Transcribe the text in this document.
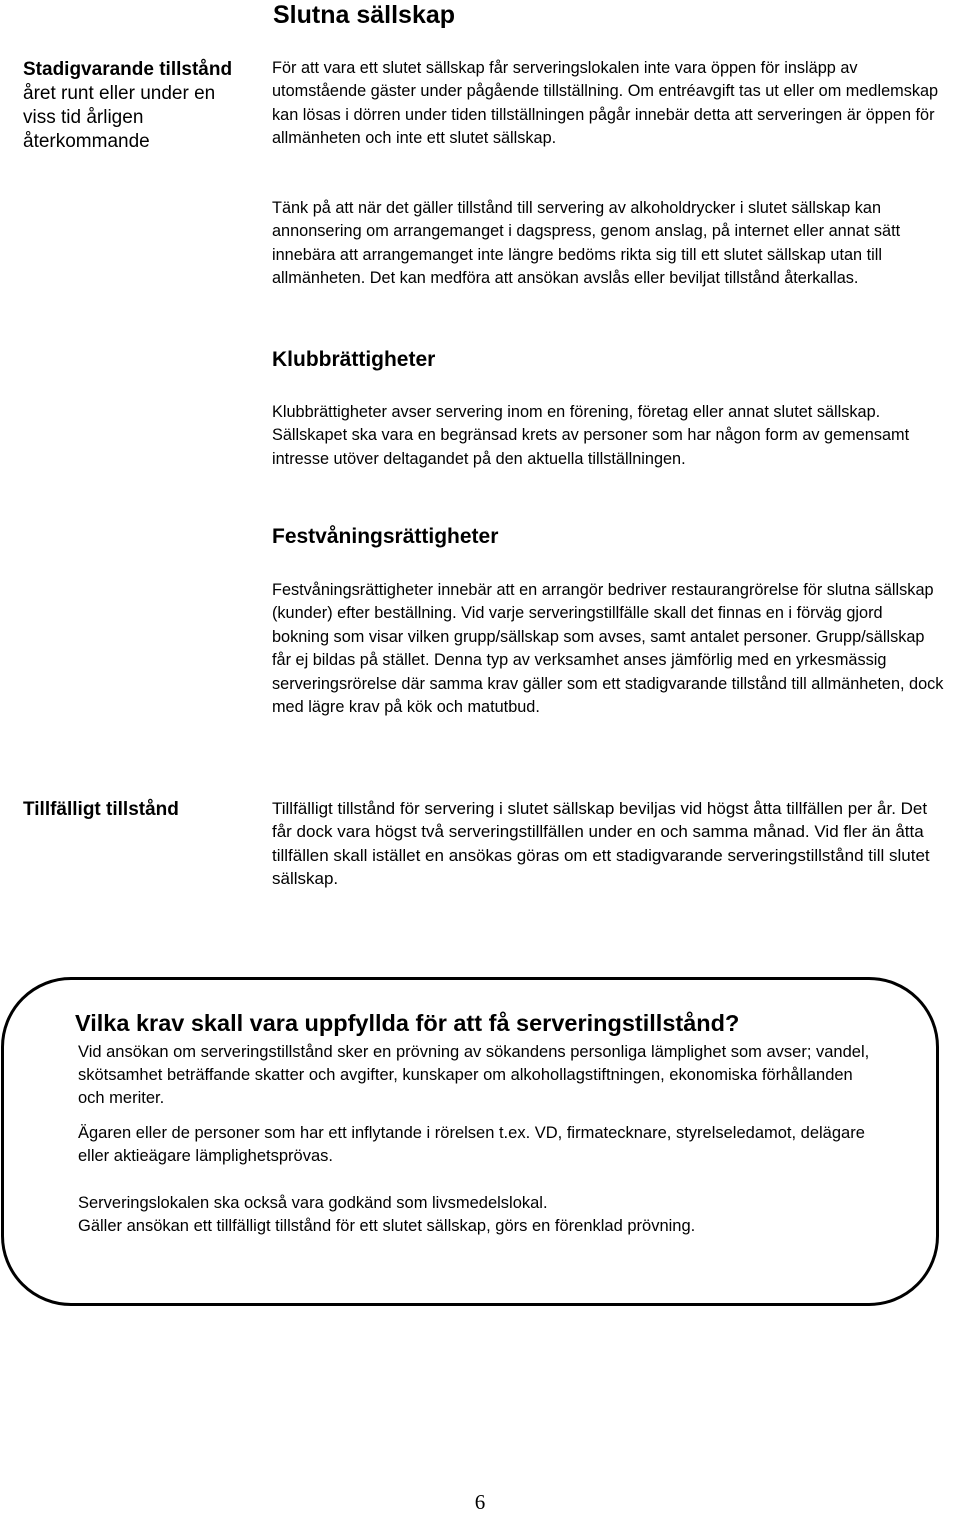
Slutna sällskap
Stadigvarande tillstånd
året runt eller under en viss tid årligen återkommande

För att vara ett slutet sällskap får serveringslokalen inte vara öppen för insläpp av utomstående gäster under pågående tillställning. Om entréavgift tas ut eller om medlemskap kan lösas i dörren under tiden tillställningen pågår innebär detta att serveringen är öppen för allmänheten och inte ett slutet sällskap.

Tänk på att när det gäller tillstånd till servering av alkoholdrycker i slutet sällskap kan annonsering om arrangemanget i dagspress, genom anslag, på internet eller annat sätt innebära att arrangemanget inte längre bedöms rikta sig till ett slutet sällskap utan till allmänheten. Det kan medföra att ansökan avslås eller beviljat tillstånd återkallas.

Klubbrättigheter

Klubbrättigheter avser servering inom en förening, företag eller annat slutet sällskap. Sällskapet ska vara en begränsad krets av personer som har någon form av gemensamt intresse utöver deltagandet på den aktuella tillställningen.

Festvåningsrättigheter

Festvåningsrättigheter innebär att en arrangör bedriver restaurangrörelse för slutna sällskap (kunder) efter beställning. Vid varje serveringstillfälle skall det finnas en i förväg gjord bokning som visar vilken grupp/sällskap som avses, samt antalet personer. Grupp/sällskap får ej bildas på stället. Denna typ av verksamhet anses jämförlig med en yrkesmässig serveringsrörelse där samma krav gäller som ett stadigvarande tillstånd till allmänheten, dock med lägre krav på kök och matutbud.

Tillfälligt tillstånd	Tillfälligt tillstånd för servering i slutet sällskap beviljas vid högst åtta tillfällen per år. Det får dock vara högst två serveringstillfällen under en och samma månad. Vid fler än åtta tillfällen skall istället en ansökas göras om ett stadigvarande serveringstillstånd till slutet sällskap.

Vilka krav skall vara uppfyllda för att få serveringstillstånd?

Vid ansökan om serveringstillstånd sker en prövning av sökandens personliga lämplighet som avser; vandel, skötsamhet beträffande skatter och avgifter, kunskaper om alkohollagstiftningen, ekonomiska förhållanden och meriter.

Ägaren eller de personer som har ett inflytande i rörelsen t.ex. VD, firmatecknare, styrelseledamot, delägare eller aktieägare lämplighetsprövas.

Serveringslokalen ska också vara godkänd som livsmedelslokal.
Gäller ansökan ett tillfälligt tillstånd för ett slutet sällskap, görs en förenklad prövning.
6
